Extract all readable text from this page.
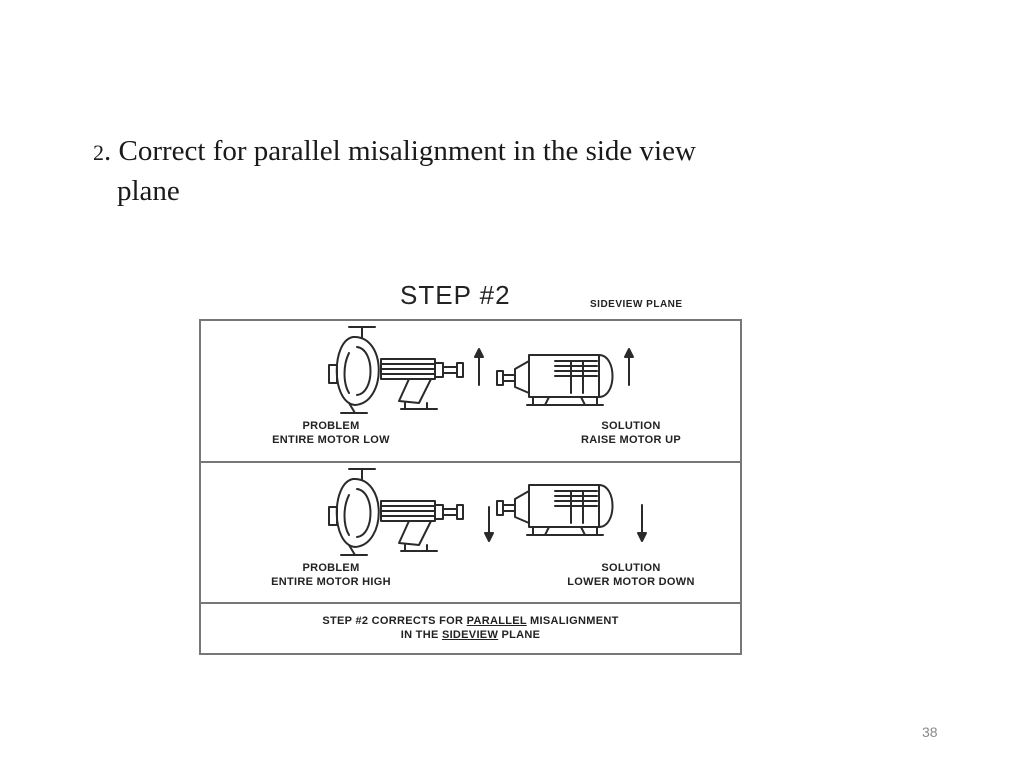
2. Correct for parallel misalignment in the side view
plane
STEP #2	SIDEVIEW PLANE
PROBLEM
ENTIRE MOTOR LOW
SOLUTION
RAISE MOTOR UP
PROBLEM
ENTIRE MOTOR HIGH
SOLUTION
LOWER MOTOR DOWN
STEP #2 CORRECTS FOR PARALLEL MISALIGNMENT
IN THE SIDEVIEW PLANE
38
